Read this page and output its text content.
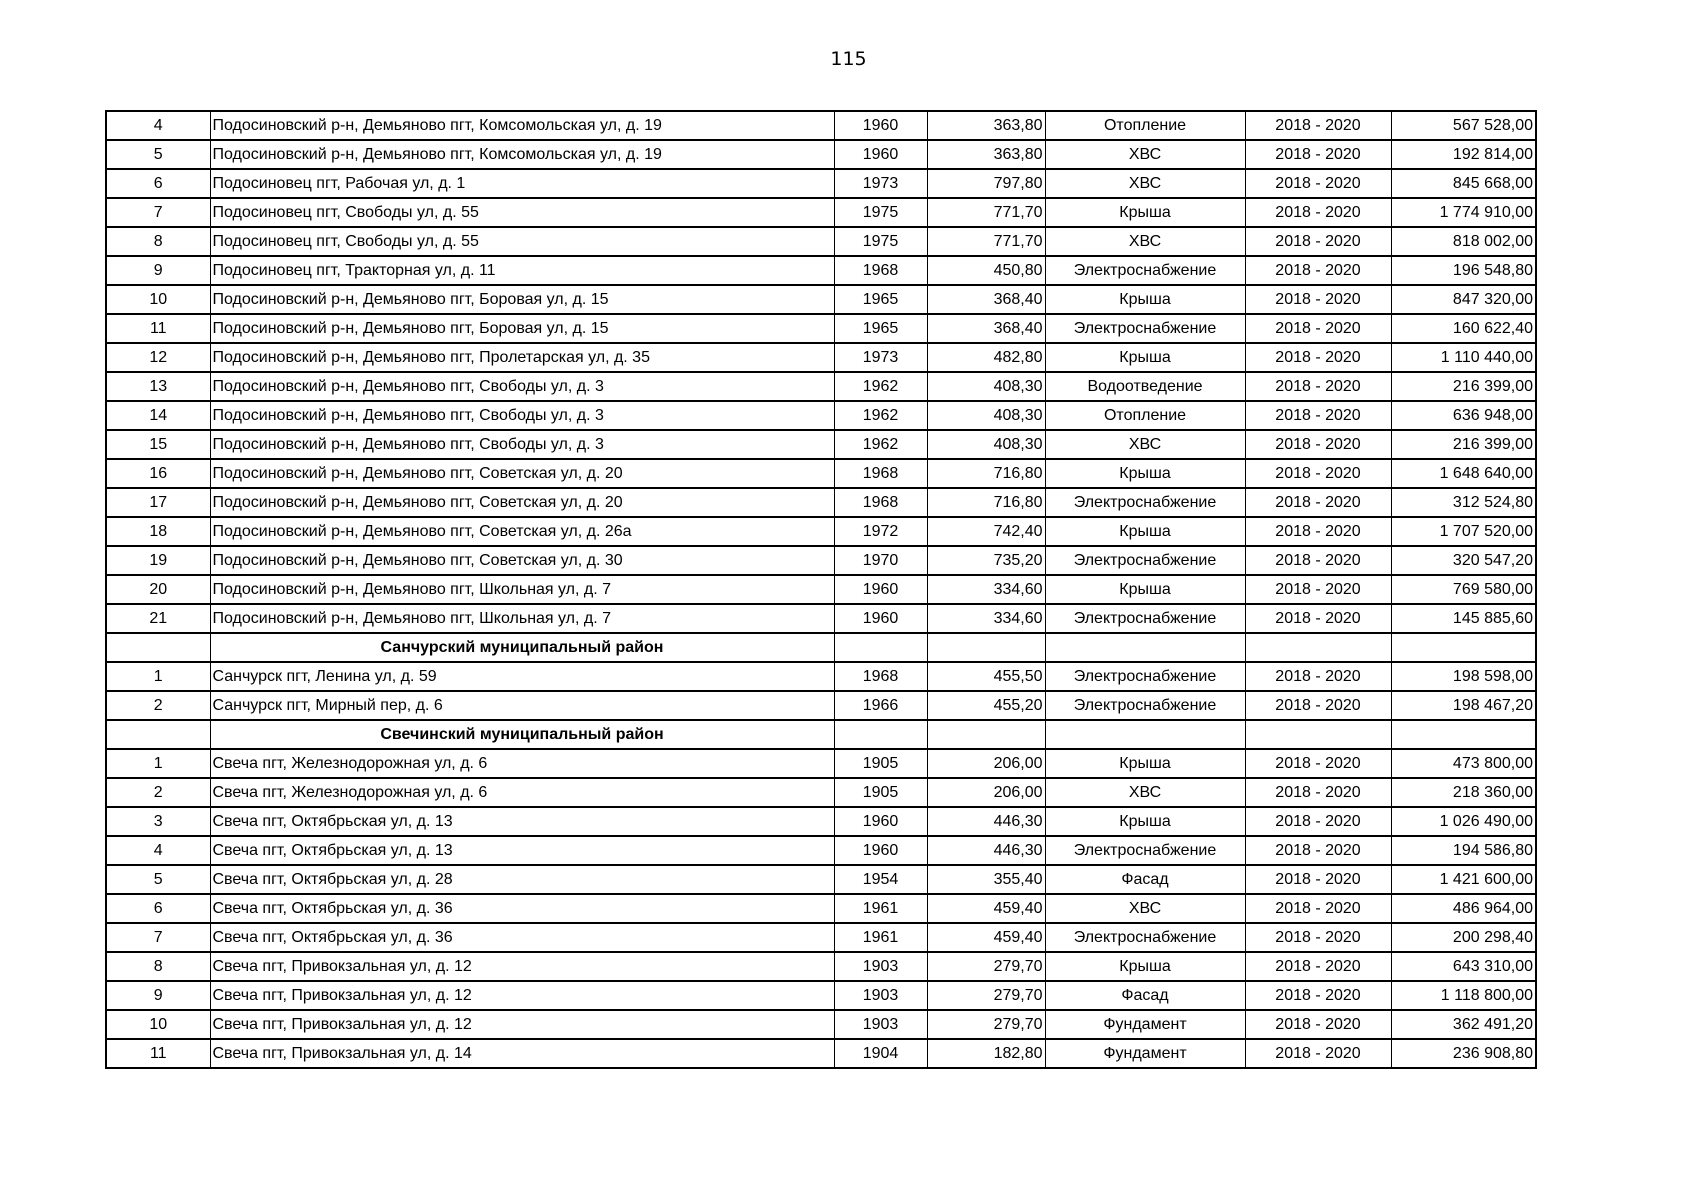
115
4	Подосиновский р-н, Демьяново пгт, Комсомольская ул, д. 19	1960	363,80	Отопление	2018 - 2020	567 528,00
5	Подосиновский р-н, Демьяново пгт, Комсомольская ул, д. 19	1960	363,80	ХВС	2018 - 2020	192 814,00
6	Подосиновец пгт, Рабочая ул, д. 1	1973	797,80	ХВС	2018 - 2020	845 668,00
7	Подосиновец пгт, Свободы ул, д. 55	1975	771,70	Крыша	2018 - 2020	1 774 910,00
8	Подосиновец пгт, Свободы ул, д. 55	1975	771,70	ХВС	2018 - 2020	818 002,00
9	Подосиновец пгт, Тракторная ул, д. 11	1968	450,80	Электроснабжение	2018 - 2020	196 548,80
10	Подосиновский р-н, Демьяново пгт, Боровая ул, д. 15	1965	368,40	Крыша	2018 - 2020	847 320,00
11	Подосиновский р-н, Демьяново пгт, Боровая ул, д. 15	1965	368,40	Электроснабжение	2018 - 2020	160 622,40
12	Подосиновский р-н, Демьяново пгт, Пролетарская ул, д. 35	1973	482,80	Крыша	2018 - 2020	1 110 440,00
13	Подосиновский р-н, Демьяново пгт, Свободы ул, д. 3	1962	408,30	Водоотведение	2018 - 2020	216 399,00
14	Подосиновский р-н, Демьяново пгт, Свободы ул, д. 3	1962	408,30	Отопление	2018 - 2020	636 948,00
15	Подосиновский р-н, Демьяново пгт, Свободы ул, д. 3	1962	408,30	ХВС	2018 - 2020	216 399,00
16	Подосиновский р-н, Демьяново пгт, Советская ул, д. 20	1968	716,80	Крыша	2018 - 2020	1 648 640,00
17	Подосиновский р-н, Демьяново пгт, Советская ул, д. 20	1968	716,80	Электроснабжение	2018 - 2020	312 524,80
18	Подосиновский р-н, Демьяново пгт, Советская ул, д. 26а	1972	742,40	Крыша	2018 - 2020	1 707 520,00
19	Подосиновский р-н, Демьяново пгт, Советская ул, д. 30	1970	735,20	Электроснабжение	2018 - 2020	320 547,20
20	Подосиновский р-н, Демьяново пгт, Школьная ул, д. 7	1960	334,60	Крыша	2018 - 2020	769 580,00
21	Подосиновский р-н, Демьяново пгт, Школьная ул, д. 7	1960	334,60	Электроснабжение	2018 - 2020	145 885,60
	Санчурский муниципальный район					
1	Санчурск пгт, Ленина ул, д. 59	1968	455,50	Электроснабжение	2018 - 2020	198 598,00
2	Санчурск пгт, Мирный пер, д. 6	1966	455,20	Электроснабжение	2018 - 2020	198 467,20
	Свечинский муниципальный район					
1	Свеча пгт, Железнодорожная ул, д. 6	1905	206,00	Крыша	2018 - 2020	473 800,00
2	Свеча пгт, Железнодорожная ул, д. 6	1905	206,00	ХВС	2018 - 2020	218 360,00
3	Свеча пгт, Октябрьская ул, д. 13	1960	446,30	Крыша	2018 - 2020	1 026 490,00
4	Свеча пгт, Октябрьская ул, д. 13	1960	446,30	Электроснабжение	2018 - 2020	194 586,80
5	Свеча пгт, Октябрьская ул, д. 28	1954	355,40	Фасад	2018 - 2020	1 421 600,00
6	Свеча пгт, Октябрьская ул, д. 36	1961	459,40	ХВС	2018 - 2020	486 964,00
7	Свеча пгт, Октябрьская ул, д. 36	1961	459,40	Электроснабжение	2018 - 2020	200 298,40
8	Свеча пгт, Привокзальная ул, д. 12	1903	279,70	Крыша	2018 - 2020	643 310,00
9	Свеча пгт, Привокзальная ул, д. 12	1903	279,70	Фасад	2018 - 2020	1 118 800,00
10	Свеча пгт, Привокзальная ул, д. 12	1903	279,70	Фундамент	2018 - 2020	362 491,20
11	Свеча пгт, Привокзальная ул, д. 14	1904	182,80	Фундамент	2018 - 2020	236 908,80
